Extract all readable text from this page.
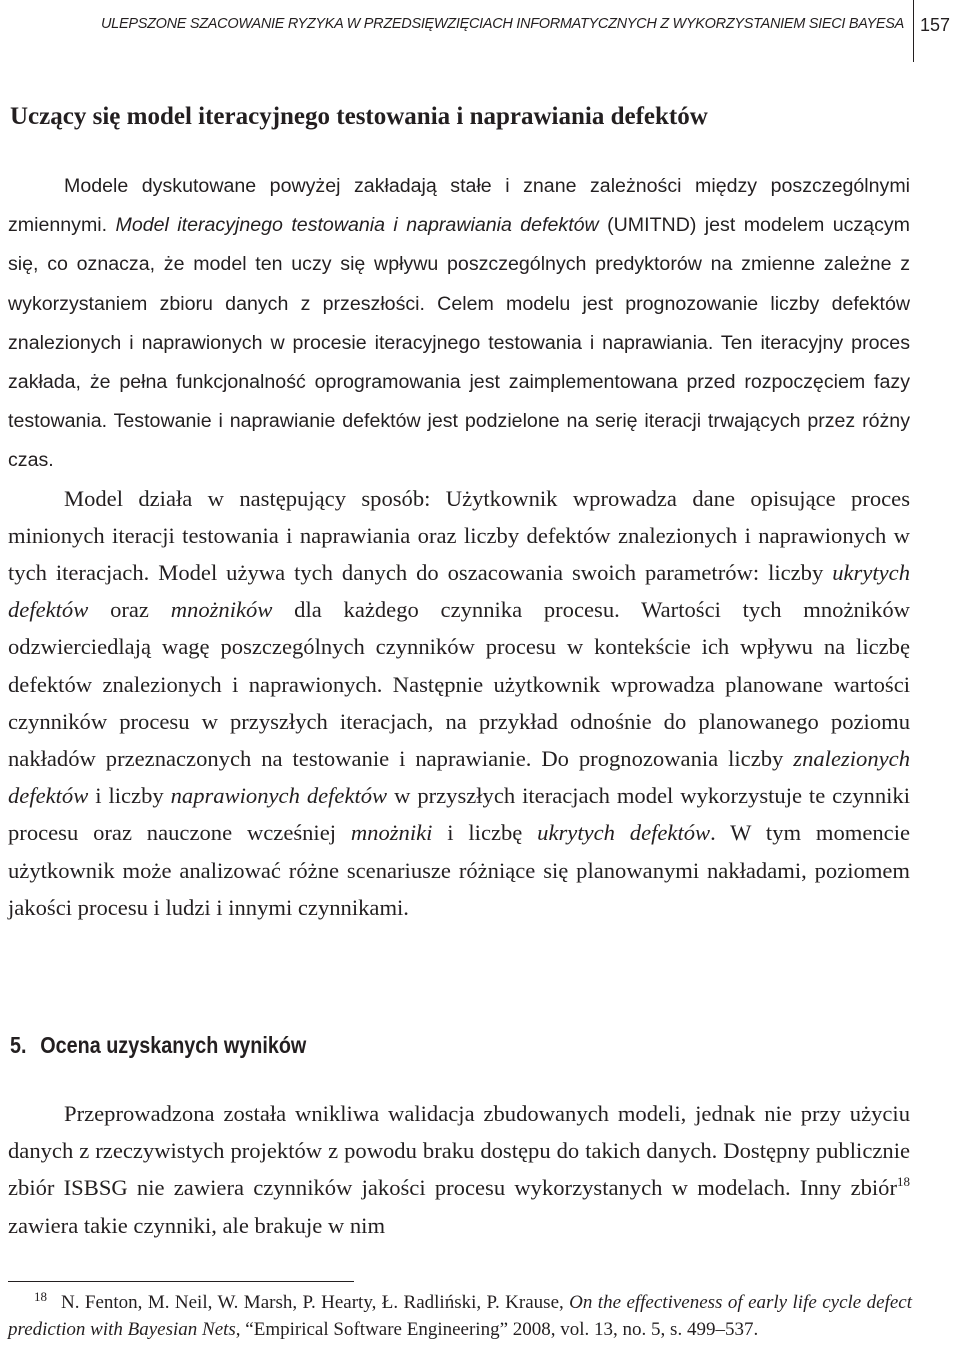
ULEPSZONE SZACOWANIE RYZYKA W PRZEDSIĘWZIĘCIACH INFORMATYCZNYCH Z WYKORZYSTANIEM SIECI BAYESA 157
Uczący się model iteracyjnego testowania i naprawiania defektów

Modele dyskutowane powyżej zakładają stałe i znane zależności między poszczególnymi zmiennymi. Model iteracyjnego testowania i naprawiania defektów (UMITND) jest modelem uczącym się, co oznacza, że model ten uczy się wpływu poszczególnych predyktorów na zmienne zależne z wykorzystaniem zbioru danych z przeszłości. Celem modelu jest prognozowanie liczby defektów znalezionych i naprawionych w procesie iteracyjnego testowania i naprawiania. Ten iteracyjny proces zakłada, że pełna funkcjonalność oprogramowania jest zaimplementowana przed rozpoczęciem fazy testowania. Testowanie i naprawianie defektów jest podzielone na serię iteracji trwających przez różny czas.

Model działa w następujący sposób: Użytkownik wprowadza dane opisujące proces minionych iteracji testowania i naprawiania oraz liczby defektów znalezionych i naprawionych w tych iteracjach. Model używa tych danych do oszacowania swoich parametrów: liczby ukrytych defektów oraz mnożników dla każdego czynnika procesu. Wartości tych mnożników odzwierciedlają wagę poszczególnych czynników procesu w kontekście ich wpływu na liczbę defektów znalezionych i naprawionych. Następnie użytkownik wprowadza planowane wartości czynników procesu w przyszłych iteracjach, na przykład odnośnie do planowanego poziomu nakładów przeznaczonych na testowanie i naprawianie. Do prognozowania liczby znalezionych defektów i liczby naprawionych defektów w przyszłych iteracjach model wykorzystuje te czynniki procesu oraz nauczone wcześniej mnożniki i liczbę ukrytych defektów. W tym momencie użytkownik może analizować różne scenariusze różniące się planowanymi nakładami, poziomem jakości procesu i ludzi i innymi czynnikami.

5. Ocena uzyskanych wyników

Przeprowadzona została wnikliwa walidacja zbudowanych modeli, jednak nie przy użyciu danych z rzeczywistych projektów z powodu braku dostępu do takich danych. Dostępny publicznie zbiór ISBSG nie zawiera czynników jakości procesu wykorzystanych w modelach. Inny zbiór$^{18}$ zawiera takie czynniki, ale brakuje w nim

$^{18}$ N. Fenton, M. Neil, W. Marsh, P. Hearty, Ł. Radliński, P. Krause, On the effectiveness of early life cycle defect prediction with Bayesian Nets, “Empirical Software Engineering” 2008, vol. 13, no. 5, s. 499–537.
